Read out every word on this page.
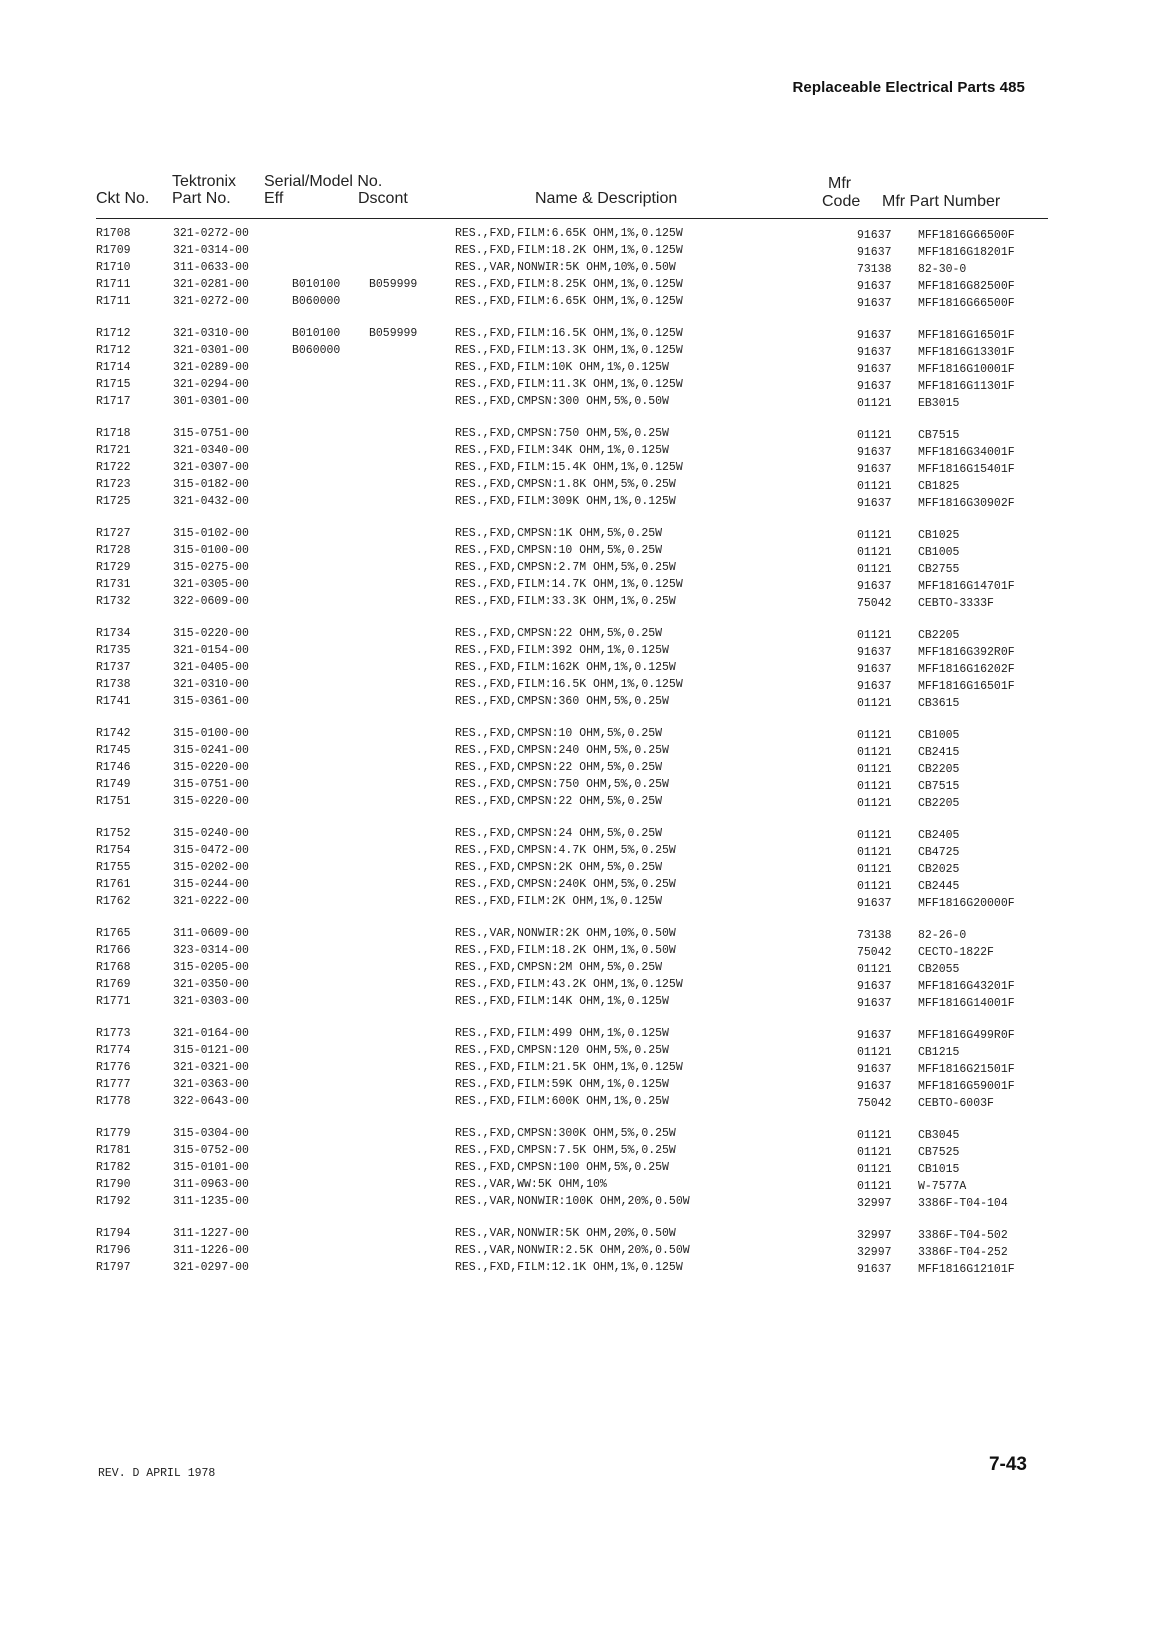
Replaceable Electrical Parts 485
Tektronix Serial/Model No.	Mfr
Ckt No. Part No. Eff	Dscont	Name & Description	Code Mfr Part Number
R1708	321-0272-00	RES.,FXD,FILM:6.65K OHM,1%,0.125W	91637 MFF1816G66500F
R1709	321-0314-00	RES.,FXD,FILM:18.2K OHM,1%,0.125W	91637 MFF1816G18201F
R1710	311-0633-00	RES.,VAR,NONWIR:5K OHM,10%,0.50W	73138 82-30-0
R1711	321-0281-00	B010100 B059999	RES.,FXD,FILM:8.25K OHM,1%,0.125W	91637 MFF1816G82500F
R1711	321-0272-00	B060000	RES.,FXD,FILM:6.65K OHM,1%,0.125W	91637 MFF1816G66500F
R1712	321-0310-00	B010100 B059999	RES.,FXD,FILM:16.5K OHM,1%,0.125W	91637 MFF1816G16501F
R1712	321-0301-00	B060000	RES.,FXD,FILM:13.3K OHM,1%,0.125W	91637 MFF1816G13301F
R1714	321-0289-00	RES.,FXD,FILM:10K OHM,1%,0.125W	91637 MFF1816G10001F
R1715	321-0294-00	RES.,FXD,FILM:11.3K OHM,1%,0.125W	91637 MFF1816G11301F
R1717	301-0301-00	RES.,FXD,CMPSN:300 OHM,5%,0.50W	01121 EB3015
R1718	315-0751-00	RES.,FXD,CMPSN:750 OHM,5%,0.25W	01121 CB7515
R1721	321-0340-00	RES.,FXD,FILM:34K OHM,1%,0.125W	91637 MFF1816G34001F
R1722	321-0307-00	RES.,FXD,FILM:15.4K OHM,1%,0.125W	91637 MFF1816G15401F
R1723	315-0182-00	RES.,FXD,CMPSN:1.8K OHM,5%,0.25W	01121 CB1825
R1725	321-0432-00	RES.,FXD,FILM:309K OHM,1%,0.125W	91637 MFF1816G30902F
R1727	315-0102-00	RES.,FXD,CMPSN:1K OHM,5%,0.25W	01121 CB1025
R1728	315-0100-00	RES.,FXD,CMPSN:10 OHM,5%,0.25W	01121 CB1005
R1729	315-0275-00	RES.,FXD,CMPSN:2.7M OHM,5%,0.25W	01121 CB2755
R1731	321-0305-00	RES.,FXD,FILM:14.7K OHM,1%,0.125W	91637 MFF1816G14701F
R1732	322-0609-00	RES.,FXD,FILM:33.3K OHM,1%,0.25W	75042 CEBTO-3333F
R1734	315-0220-00	RES.,FXD,CMPSN:22 OHM,5%,0.25W	01121 CB2205
R1735	321-0154-00	RES.,FXD,FILM:392 OHM,1%,0.125W	91637 MFF1816G392R0F
R1737	321-0405-00	RES.,FXD,FILM:162K OHM,1%,0.125W	91637 MFF1816G16202F
R1738	321-0310-00	RES.,FXD,FILM:16.5K OHM,1%,0.125W	91637 MFF1816G16501F
R1741	315-0361-00	RES.,FXD,CMPSN:360 OHM,5%,0.25W	01121 CB3615
R1742	315-0100-00	RES.,FXD,CMPSN:10 OHM,5%,0.25W	01121 CB1005
R1745	315-0241-00	RES.,FXD,CMPSN:240 OHM,5%,0.25W	01121 CB2415
R1746	315-0220-00	RES.,FXD,CMPSN:22 OHM,5%,0.25W	01121 CB2205
R1749	315-0751-00	RES.,FXD,CMPSN:750 OHM,5%,0.25W	01121 CB7515
R1751	315-0220-00	RES.,FXD,CMPSN:22 OHM,5%,0.25W	01121 CB2205
R1752	315-0240-00	RES.,FXD,CMPSN:24 OHM,5%,0.25W	01121 CB2405
R1754	315-0472-00	RES.,FXD,CMPSN:4.7K OHM,5%,0.25W	01121 CB4725
R1755	315-0202-00	RES.,FXD,CMPSN:2K OHM,5%,0.25W	01121 CB2025
R1761	315-0244-00	RES.,FXD,CMPSN:240K OHM,5%,0.25W	01121 CB2445
R1762	321-0222-00	RES.,FXD,FILM:2K OHM,1%,0.125W	91637 MFF1816G20000F
R1765	311-0609-00	RES.,VAR,NONWIR:2K OHM,10%,0.50W	73138 82-26-0
R1766	323-0314-00	RES.,FXD,FILM:18.2K OHM,1%,0.50W	75042 CECTO-1822F
R1768	315-0205-00	RES.,FXD,CMPSN:2M OHM,5%,0.25W	01121 CB2055
R1769	321-0350-00	RES.,FXD,FILM:43.2K OHM,1%,0.125W	91637 MFF1816G43201F
R1771	321-0303-00	RES.,FXD,FILM:14K OHM,1%,0.125W	91637 MFF1816G14001F
R1773	321-0164-00	RES.,FXD,FILM:499 OHM,1%,0.125W	91637 MFF1816G499R0F
R1774	315-0121-00	RES.,FXD,CMPSN:120 OHM,5%,0.25W	01121 CB1215
R1776	321-0321-00	RES.,FXD,FILM:21.5K OHM,1%,0.125W	91637 MFF1816G21501F
R1777	321-0363-00	RES.,FXD,FILM:59K OHM,1%,0.125W	91637 MFF1816G59001F
R1778	322-0643-00	RES.,FXD,FILM:600K OHM,1%,0.25W	75042 CEBTO-6003F
R1779	315-0304-00	RES.,FXD,CMPSN:300K OHM,5%,0.25W	01121 CB3045
R1781	315-0752-00	RES.,FXD,CMPSN:7.5K OHM,5%,0.25W	01121 CB7525
R1782	315-0101-00	RES.,FXD,CMPSN:100 OHM,5%,0.25W	01121 CB1015
R1790	311-0963-00	RES.,VAR,WW:5K OHM,10%	01121 W-7577A
R1792	311-1235-00	RES.,VAR,NONWIR:100K OHM,20%,0.50W	32997 3386F-T04-104
R1794	311-1227-00	RES.,VAR,NONWIR:5K OHM,20%,0.50W	32997 3386F-T04-502
R1796	311-1226-00	RES.,VAR,NONWIR:2.5K OHM,20%,0.50W	32997 3386F-T04-252
R1797	321-0297-00	RES.,FXD,FILM:12.1K OHM,1%,0.125W	91637 MFF1816G12101F
REV. D APRIL 1978	7-43
